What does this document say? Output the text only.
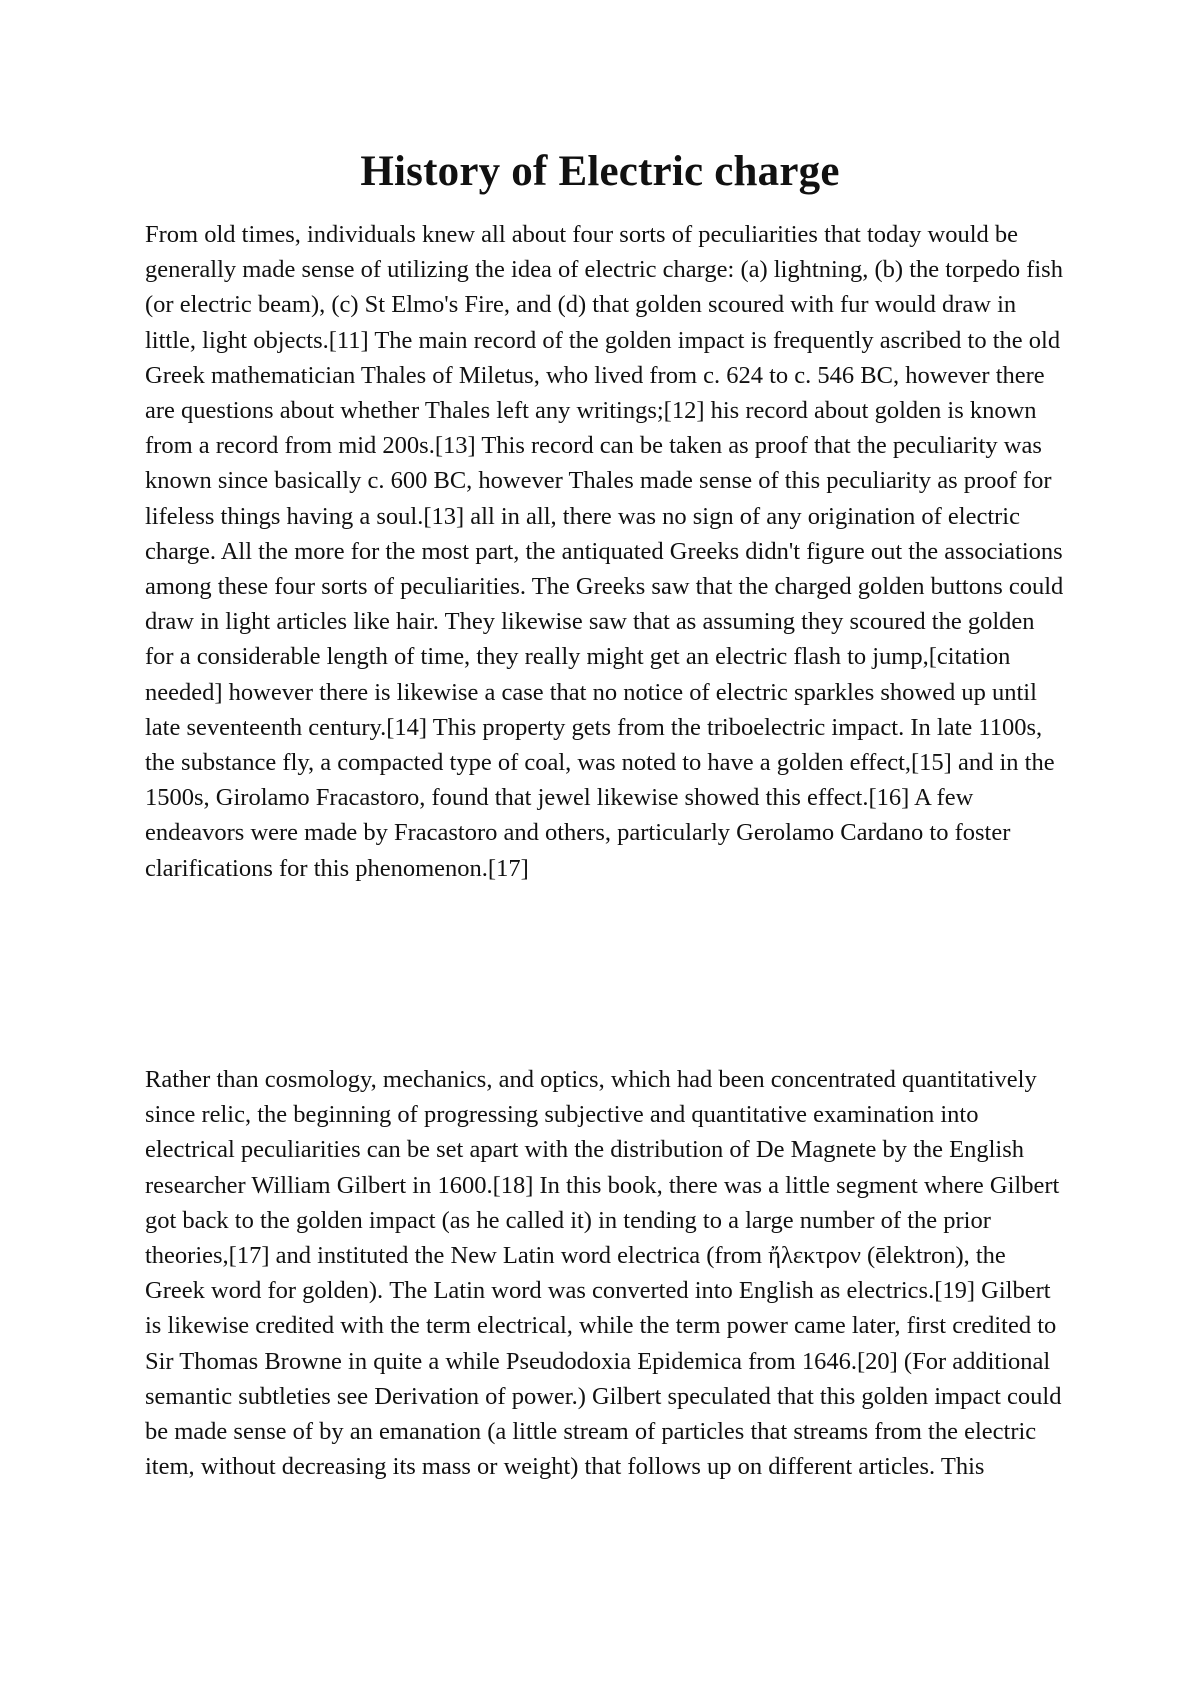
History of Electric charge

From old times, individuals knew all about four sorts of peculiarities that today would be generally made sense of utilizing the idea of electric charge: (a) lightning, (b) the torpedo fish (or electric beam), (c) St Elmo's Fire, and (d) that golden scoured with fur would draw in little, light objects.[11] The main record of the golden impact is frequently ascribed to the old Greek mathematician Thales of Miletus, who lived from c. 624 to c. 546 BC, however there are questions about whether Thales left any writings;[12] his record about golden is known from a record from mid 200s.[13] This record can be taken as proof that the peculiarity was known since basically c. 600 BC, however Thales made sense of this peculiarity as proof for lifeless things having a soul.[13] all in all, there was no sign of any origination of electric charge. All the more for the most part, the antiquated Greeks didn't figure out the associations among these four sorts of peculiarities. The Greeks saw that the charged golden buttons could draw in light articles like hair. They likewise saw that as assuming they scoured the golden for a considerable length of time, they really might get an electric flash to jump,[citation needed] however there is likewise a case that no notice of electric sparkles showed up until late seventeenth century.[14] This property gets from the triboelectric impact. In late 1100s, the substance fly, a compacted type of coal, was noted to have a golden effect,[15] and in the 1500s, Girolamo Fracastoro, found that jewel likewise showed this effect.[16] A few endeavors were made by Fracastoro and others, particularly Gerolamo Cardano to foster clarifications for this phenomenon.[17]

Rather than cosmology, mechanics, and optics, which had been concentrated quantitatively since relic, the beginning of progressing subjective and quantitative examination into electrical peculiarities can be set apart with the distribution of De Magnete by the English researcher William Gilbert in 1600.[18] In this book, there was a little segment where Gilbert got back to the golden impact (as he called it) in tending to a large number of the prior theories,[17] and instituted the New Latin word electrica (from ἤλεκτρον (ēlektron), the Greek word for golden). The Latin word was converted into English as electrics.[19] Gilbert is likewise credited with the term electrical, while the term power came later, first credited to Sir Thomas Browne in quite a while Pseudodoxia Epidemica from 1646.[20] (For additional semantic subtleties see Derivation of power.) Gilbert speculated that this golden impact could be made sense of by an emanation (a little stream of particles that streams from the electric item, without decreasing its mass or weight) that follows up on different articles. This
